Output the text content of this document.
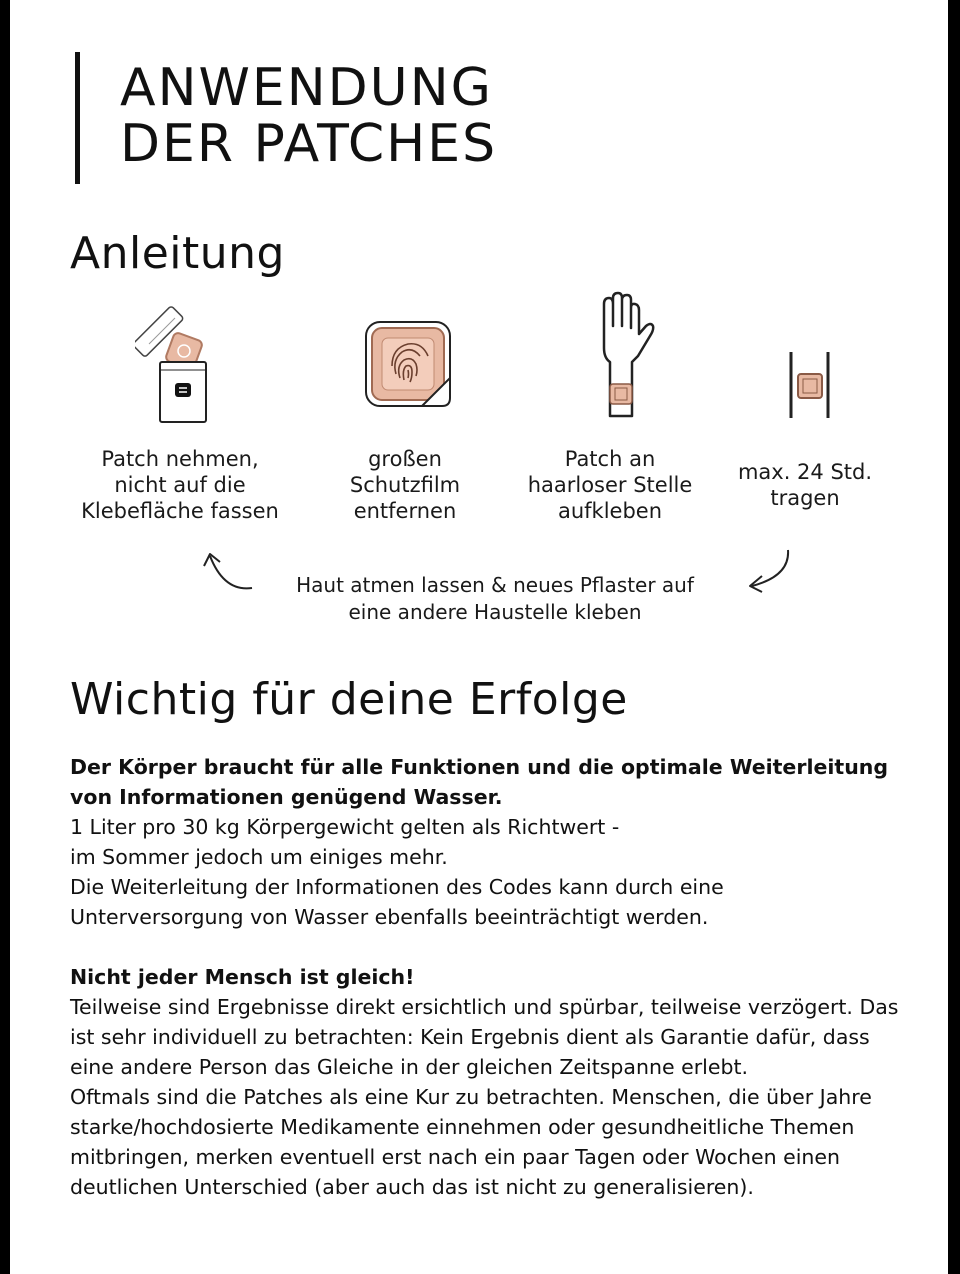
ANWENDUNG
DER PATCHES
Anleitung
Patch nehmen,
nicht auf die
Klebefläche fassen
großen
Schutzfilm
entfernen
Patch an
haarloser Stelle
aufkleben
max. 24 Std.
tragen
Haut atmen lassen & neues Pflaster auf
eine andere Haustelle kleben
Wichtig für deine Erfolge

Der Körper braucht für alle Funktionen und die optimale Weiterleitung von Informationen genügend Wasser.

1 Liter pro 30 kg Körpergewicht gelten als Richtwert -

im Sommer jedoch um einiges mehr.

Die Weiterleitung der Informationen des Codes kann durch eine Unterversorgung von Wasser ebenfalls beeinträchtigt werden.

Nicht jeder Mensch ist gleich!

Teilweise sind Ergebnisse direkt ersichtlich und spürbar, teilweise verzögert. Das ist sehr individuell zu betrachten: Kein Ergebnis dient als Garantie dafür, dass eine andere Person das Gleiche in der gleichen Zeitspanne erlebt.

Oftmals sind die Patches als eine Kur zu betrachten. Menschen, die über Jahre starke/hochdosierte Medikamente einnehmen oder gesundheitliche Themen mitbringen, merken eventuell erst nach ein paar Tagen oder Wochen einen deutlichen Unterschied (aber auch das ist nicht zu generalisieren).
